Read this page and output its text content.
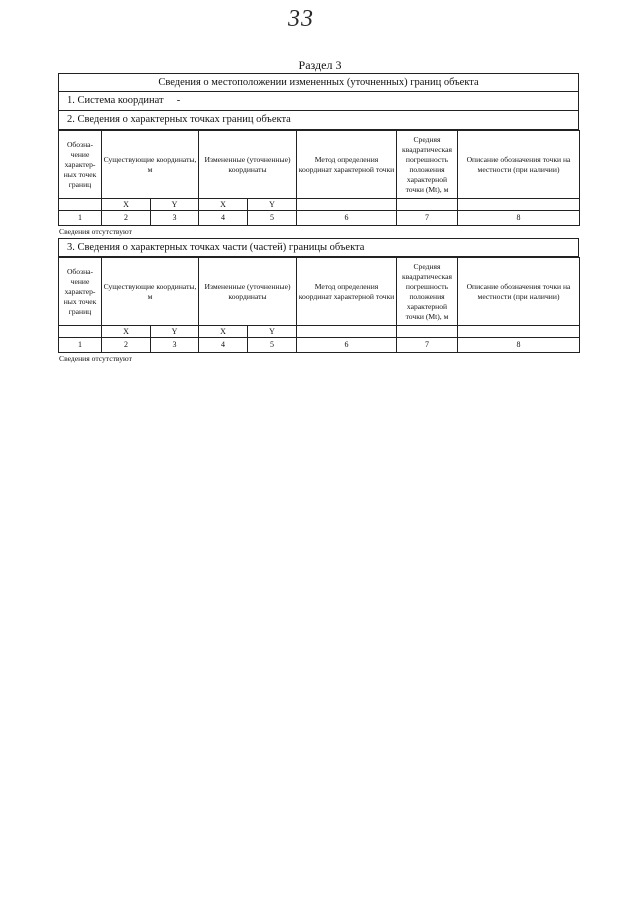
33
Раздел 3
Сведения о местоположении измененных (уточненных) границ объекта
1. Система координат -
2. Сведения о характерных точках границ объекта
Обозна-чение характер-ных точек границ	Существующие координаты, м		Измененные (уточненные) координаты		Метод определения координат характерной точки	Средняя квадратическая погрешность положения характерной точки (Mt), м	Описание обозначения точки на местности (при наличии)
	X	Y	X	Y			
1	2	3	4	5	6	7	8
Сведения отсутствуют
3. Сведения о характерных точках части (частей) границы объекта
Обозна-чение характер-ных точек границ	Существующие координаты, м		Измененные (уточненные) координаты		Метод определения координат характерной точки	Средняя квадратическая погрешность положения характерной точки (Mt), м	Описание обозначения точки на местности (при наличии)
	X	Y	X	Y			
1	2	3	4	5	6	7	8
Сведения отсутствуют
